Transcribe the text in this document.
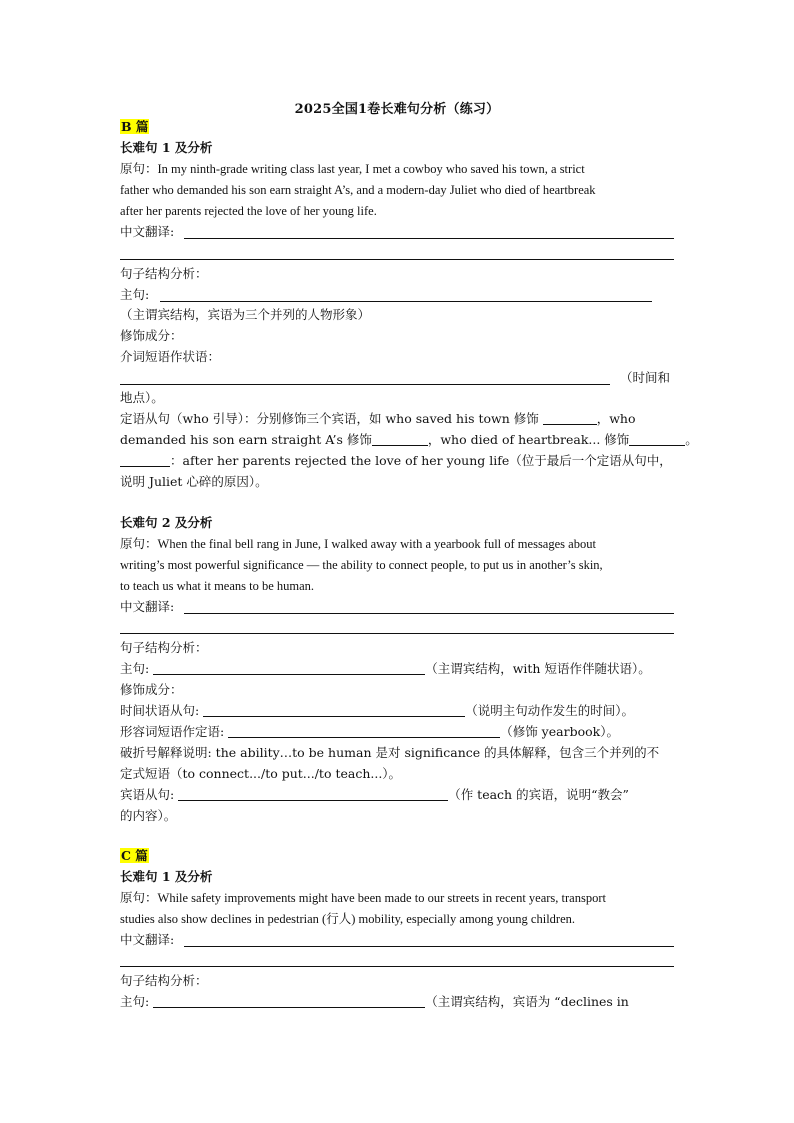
2025全国1卷长难句分析（练习）
B 篇
长难句 1 及分析
原句：In my ninth-grade writing class last year, I met a cowboy who saved his town, a strict
father who demanded his son earn straight A’s, and a modern-day Juliet who died of heartbreak
after her parents rejected the love of her young life.
中文翻译:
句子结构分析：
主句:
（主谓宾结构，宾语为三个并列的人物形象）
修饰成分：
介词短语作状语：
（时间和
地点）。
定语从句（who 引导）：分别修饰三个宾语，如 who saved his town 修饰	，who
demanded his son earn straight A’s 修饰	，who died of heartbreak... 修饰	。
：after her parents rejected the love of her young life（位于最后一个定语从句中，
说明 Juliet 心碎的原因）。
长难句 2 及分析
原句：When the final bell rang in June, I walked away with a yearbook full of messages about
writing’s most powerful significance — the ability to connect people, to put us in another’s skin,
to teach us what it means to be human.
中文翻译:
句子结构分析：
主句:	（主谓宾结构，with 短语作伴随状语）。
修饰成分：
时间状语从句:	（说明主句动作发生的时间）。
形容词短语作定语:	（修饰 yearbook）。
破折号解释说明: the ability…to be human 是对 significance 的具体解释，包含三个并列的不
定式短语（to connect.../to put.../to teach...）。
宾语从句:	（作 teach 的宾语，说明“教会”
的内容）。
C 篇
长难句 1 及分析
原句：While safety improvements might have been made to our streets in recent years, transport
studies also show declines in pedestrian (行人) mobility, especially among young children.
中文翻译:
句子结构分析：
主句:	（主谓宾结构，宾语为 “declines in
